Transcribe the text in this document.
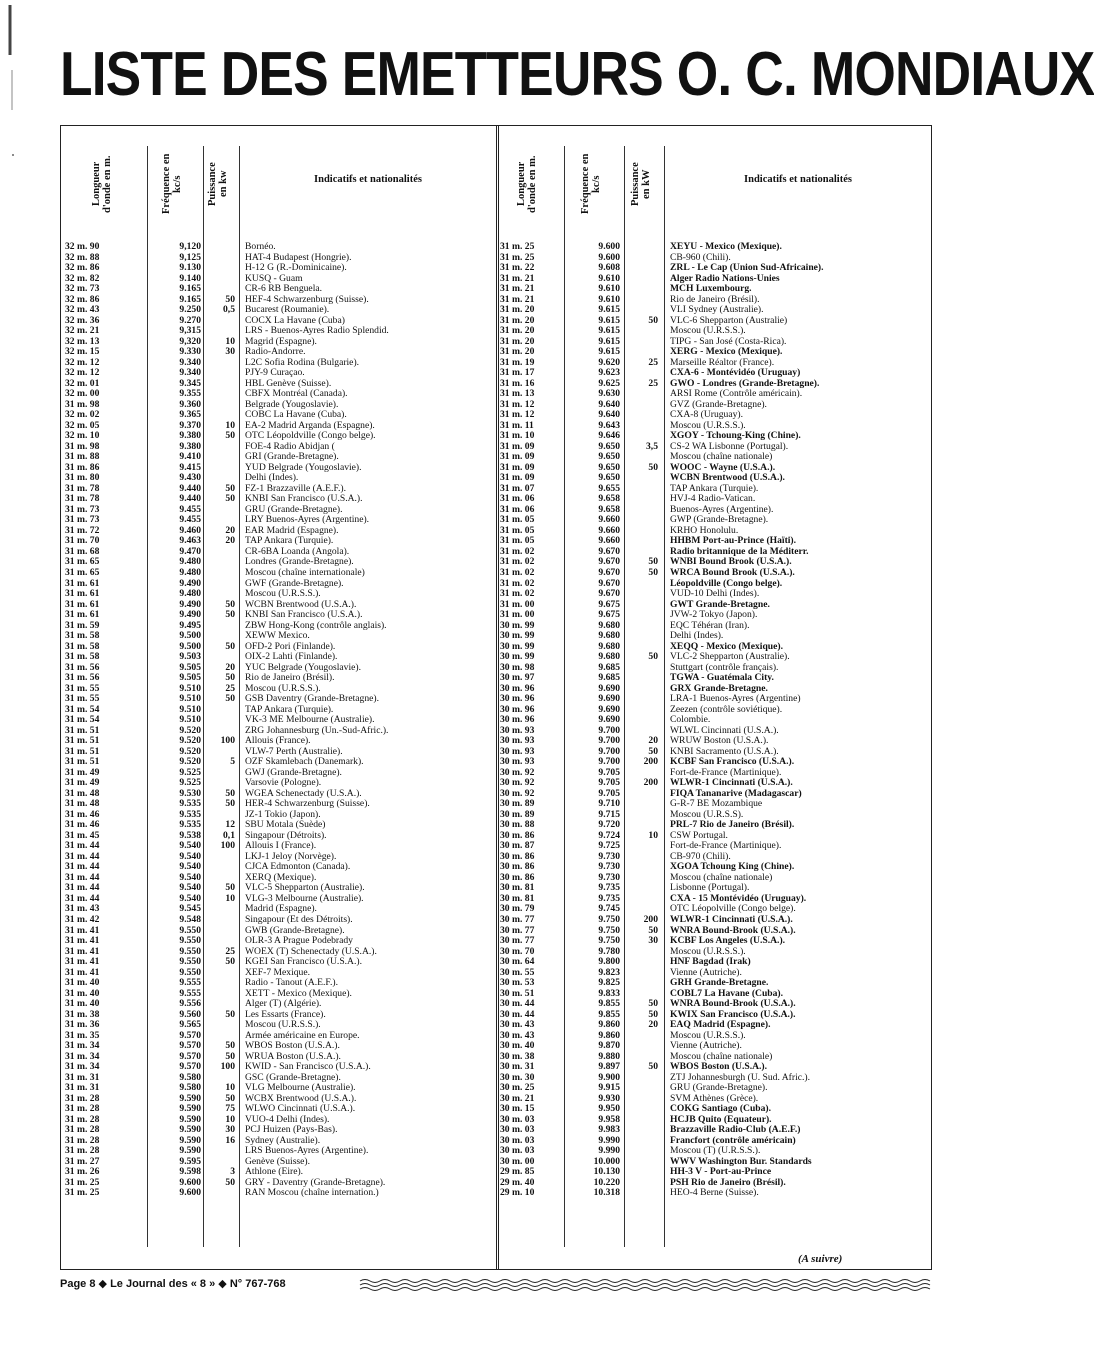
LISTE DES EMETTEURS O. C. MONDIAUX
Longueur
d'onde en m.
Fréquence en
kc/s	Puissance
en kw	Indicatifs et nationalités
32 m. 90	9,120	Bornéo.
32 m. 88	9,125	HAT-4 Budapest (Hongrie).
32 m. 86	9.130	H-12 G (R.-Dominicaine).
32 m. 82	9.140	KUSQ - Guam
32 m. 73	9.165	CR-6 RB Benguela.
32 m. 86	9.165	50 HEF-4 Schwarzenburg (Suisse).
32 m. 43	9.250	0,5 Bucarest (Roumanie).
32 m. 36	9.270	COCX La Havane (Cuba)
32 m. 21	9,315	LRS - Buenos-Ayres Radio Splendid.
32 m. 13	9,320	10 Magrid (Espagne).
32 m. 15	9.330	30 Radio-Andorre.
32 m. 12	9.340	L2C Sofia Rodina (Bulgarie).
32 m. 12	9.340	PJY-9 Curaçao.
32 m. 01	9.345	HBL Genève (Suisse).
32 m. 00	9.355	CBFX Montréal (Canada).
31 m. 98	9.360	Belgrade (Yougoslavie).
32 m. 02	9.365	COBC La Havane (Cuba).
32 m. 05	9.370	10 EA-2 Madrid Arganda (Espagne).
32 m. 10	9.380	50 OTC Léopoldville (Congo belge).
31 m. 98	9.380	FOE-4 Radio Abidjan (
31 m. 88	9.410	GRI (Grande-Bretagne).
31 m. 86	9.415	YUD Belgrade (Yougoslavie).
31 m. 80	9.430	Delhi (Indes).
31 m. 78	9.440	50 FZ-1 Brazzaville (A.E.F.).
31 m. 78	9.440	50 KNBI San Francisco (U.S.A.).
31 m. 73	9.455	GRU (Grande-Bretagne).
31 m. 73	9.455	LRY Buenos-Ayres (Argentine).
31 m. 72	9.460	20 EAR Madrid (Espagne).
31 m. 70	9.463	20 TAP Ankara (Turquie).
31 m. 68	9.470	CR-6BA Loanda (Angola).
31 m. 65	9.480	Londres (Grande-Bretagne).
31 m. 65	9.480	Moscou (chaîne internationale)
31 m. 61	9.490	GWF (Grande-Bretagne).
31 m. 61	9.480	Moscou (U.R.S.S.).
31 m. 61	9.490	50 WCBN Brentwood (U.S.A.).
31 m. 61	9.490	50 KNBI San Francisco (U.S.A.).
31 m. 59	9.495	ZBW Hong-Kong (contrôle anglais).
31 m. 58	9.500	XEWW Mexico.
31 m. 58	9.500	50 OFD-2 Pori (Finlande).
31 m. 58	9.503	OIX-2 Lahti (Finlande).
31 m. 56	9.505	20 YUC Belgrade (Yougoslavie).
31 m. 56	9.505	50 Rio de Janeiro (Brésil).
31 m. 55	9.510	25 Moscou (U.R.S.S.).
31 m. 55	9.510	50 GSB Daventry (Grande-Bretagne).
31 m. 54	9.510	TAP Ankara (Turquie).
31 m. 54	9.510	VK-3 ME Melbourne (Australie).
31 m. 51	9.520	ZRG Johannesburg (Un.-Sud-Afric.).
31 m. 51	9.520	100 Allouis (France).
31 m. 51	9.520	VLW-7 Perth (Australie).
31 m. 51	9.520	5 OZF Skamlebach (Danemark).
31 m. 49	9.525	GWJ (Grande-Bretagne).
31 m. 49	9.525	Varsovie (Pologne).
31 m. 48	9.530	50 WGEA Schenectady (U.S.A.).
31 m. 48	9.535	50 HER-4 Schwarzenburg (Suisse).
31 m. 46	9.535	JZ-1 Tokio (Japon).
31 m. 46	9.535	12 SBU Motala (Suède)
31 m. 45	9.538	0,1 Singapour (Détroits).
31 m. 44	9.540	100 Allouis I (France).
31 m. 44	9.540	LKJ-1 Jeloy (Norvège).
31 m. 44	9.540	CJCA Edmonton (Canada).
31 m. 44	9.540	XERQ (Mexique).
31 m. 44	9.540	50 VLC-5 Shepparton (Australie).
31 m. 44	9.540	10 VLG-3 Melbourne (Australie).
31 m. 43	9.545	Madrid (Espagne).
31 m. 42	9.548	Singapour (Et des Détroits).
31 m. 41	9.550	GWB (Grande-Bretagne).
31 m. 41	9.550	OLR-3 A Prague Podebrady
31 m. 41	9.550	25 WOEX (T) Schenectady (U.S.A.).
31 m. 41	9.550	50 KGEI San Francisco (U.S.A.).
31 m. 41	9.550	XEF-7 Mexique.
31 m. 40	9.555	Radio - Tanout (A.E.F.).
31 m. 40	9.555	XETT - Mexico (Mexique).
31 m. 40	9.556	Alger (T) (Algérie).
31 m. 38	9.560	50 Les Essarts (France).
31 m. 36	9.565	Moscou (U.R.S.S.).
31 m. 35	9.570	Armée américaine en Europe.
31 m. 34	9.570	50 WBOS Boston (U.S.A.).
31 m. 34	9.570	50 WRUA Boston (U.S.A.).
31 m. 34	9.570	100 KWID - San Francisco (U.S.A.).
31 m. 31	9.580	GSC (Grande-Bretagne).
31 m. 31	9.580	10 VLG Melbourne (Australie).
31 m. 28	9.590	50 WCBX Brentwood (U.S.A.).
31 m. 28	9.590	75 WLWO Cincinnati (U.S.A.).
31 m. 28	9.590	10 VUO-4 Delhi (Indes).
31 m. 28	9.590	30 PCJ Huizen (Pays-Bas).
31 m. 28	9.590	16 Sydney (Australie).
31 m. 28	9.590	LRS Buenos-Ayres (Argentine).
31 m. 27	9.595	Genève (Suisse).
31 m. 26	9.598	3 Athlone (Eire).
31 m. 25	9.600	50 GRY - Daventry (Grande-Bretagne).
31 m. 25	9.600	RAN Moscou (chaîne internation.)
Longueur
d'onde en m.
Fréquence en
kc/s	Puissance
en kW	Indicatifs et nationalités
31 m. 25	9.600	XEYU - Mexico (Mexique).
31 m. 25	9.600	CB-960 (Chili).
31 m. 22	9.608	ZRL - Le Cap (Union Sud-Africaine).
31 m. 21	9.610	Alger Radio Nations-Unies
31 m. 21	9.610	MCH Luxembourg.
31 m. 21	9.610	Rio de Janeiro (Brésil).
31 m. 20	9.615	VLI Sydney (Australie).
31 m. 20	9.615	50 VLC-6 Shepparton (Australie)
31 m. 20	9.615	Moscou (U.R.S.S.).
31 m. 20	9.615	TIPG - San José (Costa-Rica).
31 m. 20	9.615	XERG - Mexico (Mexique).
31 m. 19	9.620	25 Marseille Réaltor (France).
31 m. 17	9.623	CXA-6 - Montévidéo (Uruguay)
31 m. 16	9.625	25 GWO - Londres (Grande-Bretagne).
31 m. 13	9.630	ARSI Rome (Contrôle américain).
31 m. 12	9.640	GVZ (Grande-Bretagne).
31 m. 12	9.640	CXA-8 (Uruguay).
31 m. 11	9.643	Moscou (U.R.S.S.).
31 m. 10	9.646	XGOY - Tchoung-King (Chine).
31 m. 09	9.650	3,5 CS-2 WA Lisbonne (Portugal).
31 m. 09	9.650	Moscou (chaîne nationale)
31 m. 09	9.650	50 WOOC - Wayne (U.S.A.).
31 m. 09	9.650	WCBN Brentwood (U.S.A.).
31 m. 07	9.655	TAP Ankara (Turquie).
31 m. 06	9.658	HVJ-4 Radio-Vatican.
31 m. 06	9.658	Buenos-Ayres (Argentine).
31 m. 05	9.660	GWP (Grande-Bretagne).
31 m. 05	9.660	KRHO Honolulu.
31 m. 05	9.660	HHBM Port-au-Prince (Haïti).
31 m. 02	9.670	Radio britannique de la Méditerr.
31 m. 02	9.670	50 WNBI Bound Brook (U.S.A.).
31 m. 02	9.670	50 WRCA Bound Brook (U.S.A.).
31 m. 02	9.670	Léopoldville (Congo belge).
31 m. 02	9.670	VUD-10 Delhi (Indes).
31 m. 00	9.675	GWT Grande-Bretagne.
31 m. 00	9.675	JVW-2 Tokyo (Japon).
30 m. 99	9.680	EQC Téhéran (Iran).
30 m. 99	9.680	Delhi (Indes).
30 m. 99	9.680	XEQQ - Mexico (Mexique).
30 m. 99	9.680	50 VLC-2 Shepparton (Australie).
30 m. 98	9.685	Stuttgart (contrôle français).
30 m. 97	9.685	TGWA - Guatémala City.
30 m. 96	9.690	GRX Grande-Bretagne.
30 m. 96	9.690	LRA-1 Buenos-Ayres (Argentine)
30 m. 96	9.690	Zeezen (contrôle soviétique).
30 m. 96	9.690	Colombie.
30 m. 93	9.700	WLWL Cincinnati (U.S.A.).
30 m. 93	9.700	20 WRUW Boston (U.S.A.).
30 m. 93	9.700	50 KNBI Sacramento (U.S.A.).
30 m. 93	9.700	200 KCBF San Francisco (U.S.A.).
30 m. 92	9.705	Fort-de-France (Martinique).
30 m. 92	9.705	200 WLWR-1 Cincinnati (U.S.A.).
30 m. 92	9.705	FIQA Tananarive (Madagascar)
30 m. 89	9.710	G-R-7 BE Mozambique
30 m. 89	9.715	Moscou (U.R.S.S).
30 m. 88	9.720	PRL-7 Rio de Janeiro (Brésil).
30 m. 86	9.724	10 CSW Portugal.
30 m. 87	9.725	Fort-de-France (Martinique).
30 m. 86	9.730	CB-970 (Chili).
30 m. 86	9.730	XGOA Tchoung King (Chine).
30 m. 86	9.730	Moscou (chaîne nationale)
30 m. 81	9.735	Lisbonne (Portugal).
30 m. 81	9.735	CXA - 15 Montévidéo (Uruguay).
30 m. 79	9.745	OTC Léopolville (Congo belge).
30 m. 77	9.750	200 WLWR-1 Cincinnati (U.S.A.).
30 m. 77	9.750	50 WNRA Bound-Brook (U.S.A.).
30 m. 77	9.750	30 KCBF Los Angeles (U.S.A.).
30 m. 70	9.780	Moscou (U.R.S.S.).
30 m. 64	9.800	HNF Bagdad (Irak)
30 m. 55	9.823	Vienne (Autriche).
30 m. 53	9.825	GRH Grande-Bretagne.
30 m. 51	9.833	COBL7 La Havane (Cuba).
30 m. 44	9.855	50 WNRA Bound-Brook (U.S.A.).
30 m. 44	9.855	50 KWIX San Francisco (U.S.A.).
30 m. 43	9.860	20 EAQ Madrid (Espagne).
30 m. 43	9.860	Moscou (U.R.S.S.).
30 m. 40	9.870	Vienne (Autriche).
30 m. 38	9.880	Moscou (chaîne nationale)
30 m. 31	9.897	50 WBOS Boston (U.S.A.).
30 m. 30	9.900	ZTJ Johannesburgh (U. Sud. Afric.).
30 m. 25	9.915	GRU (Grande-Bretagne).
30 m. 21	9.930	SVM Athènes (Grèce).
30 m. 15	9.950	COKG Santiago (Cuba).
30 m. 03	9.958	HCJB Quito (Equateur).
30 m. 03	9.983	Brazzaville Radio-Club (A.E.F.)
30 m. 03	9.990	Francfort (contrôle américain)
30 m. 03	9.990	Moscou (T) (U.R.S.S.).
30 m. 00	10.000	WWV Washington Bur. Standards
29 m. 85	10.130	HH-3 V - Port-au-Prince
29 m. 40	10.220	PSH Rio de Janeiro (Brésil).
29 m. 10	10.318	HEO-4 Berne (Suisse).
(A suivre)
Page 8 ◆ Le Journal des « 8 » ◆ N° 767-768
